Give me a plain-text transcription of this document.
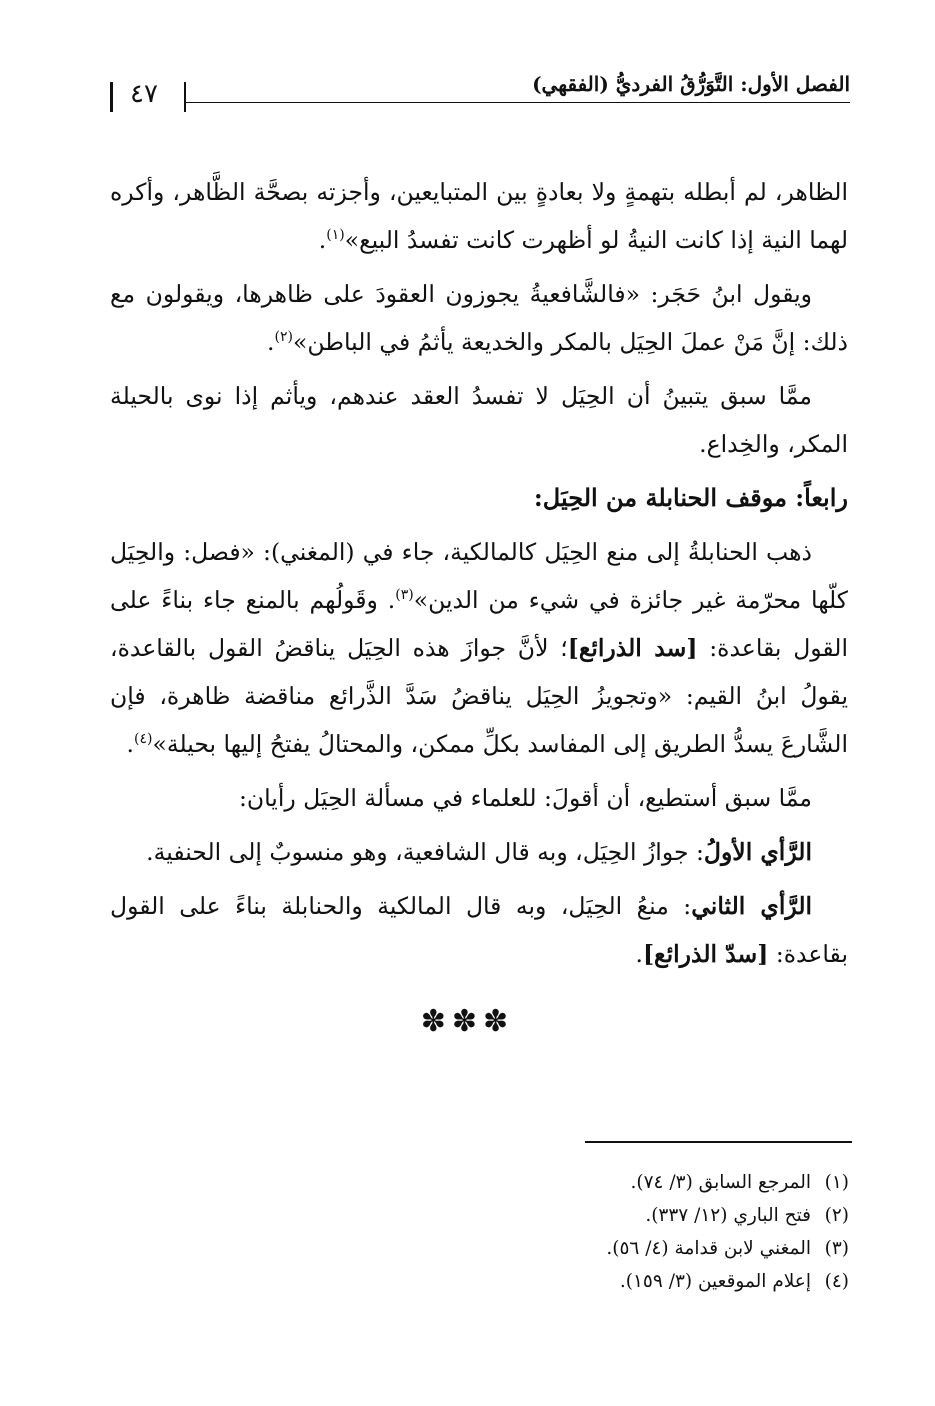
٤٧	الفصل الأول: التَّوَرُّقُ الفرديُّ (الفقهي)

الظاهر، لم أبطله بتهمةٍ ولا بعادةٍ بين المتبايعين، وأجزته بصحَّة الظَّاهر، وأكره لهما النية إذا كانت النيةُ لو أظهرت كانت تفسدُ البيع»$^{(١)}$.

ويقول ابنُ حَجَر: «فالشَّافعيةُ يجوزون العقودَ على ظاهرها، ويقولون مع ذلك: إنَّ مَنْ عملَ الحِيَل بالمكر والخديعة يأثمُ في الباطن»$^{(٢)}$.

ممَّا سبق يتبينُ أن الحِيَل لا تفسدُ العقد عندهم، ويأثم إذا نوى بالحيلة المكر، والخِداع.

رابعاً: موقف الحنابلة من الحِيَل:

ذهب الحنابلةُ إلى منع الحِيَل كالمالكية، جاء في (المغني): «فصل: والحِيَل كلّها محرّمة غير جائزة في شيء من الدين»$^{(٣)}$. وقَولُهم بالمنع جاء بناءً على القول بقاعدة: [سد الذرائع]؛ لأنَّ جوازَ هذه الحِيَل يناقضُ القول بالقاعدة، يقولُ ابنُ القيم: «وتجويزُ الحِيَل يناقضُ سَدَّ الذَّرائع مناقضة ظاهرة، فإن الشَّارعَ يسدُّ الطريق إلى المفاسد بكلِّ ممكن، والمحتالُ يفتحُ إليها بحيلة»$^{(٤)}$.

ممَّا سبق أستطيع، أن أقولَ: للعلماء في مسألة الحِيَل رأيان:

الرَّأي الأولُ: جوازُ الحِيَل، وبه قال الشافعية، وهو منسوبٌ إلى الحنفية.

الرَّأي الثاني: منعُ الحِيَل، وبه قال المالكية والحنابلة بناءً على القول بقاعدة: [سدّ الذرائع].

✽✽✽
(١)المرجع السابق (٣/ ٧٤).
(٢)فتح الباري (١٢/ ٣٣٧).
(٣)المغني لابن قدامة (٤/ ٥٦).
(٤)إعلام الموقعين (٣/ ١٥٩).
